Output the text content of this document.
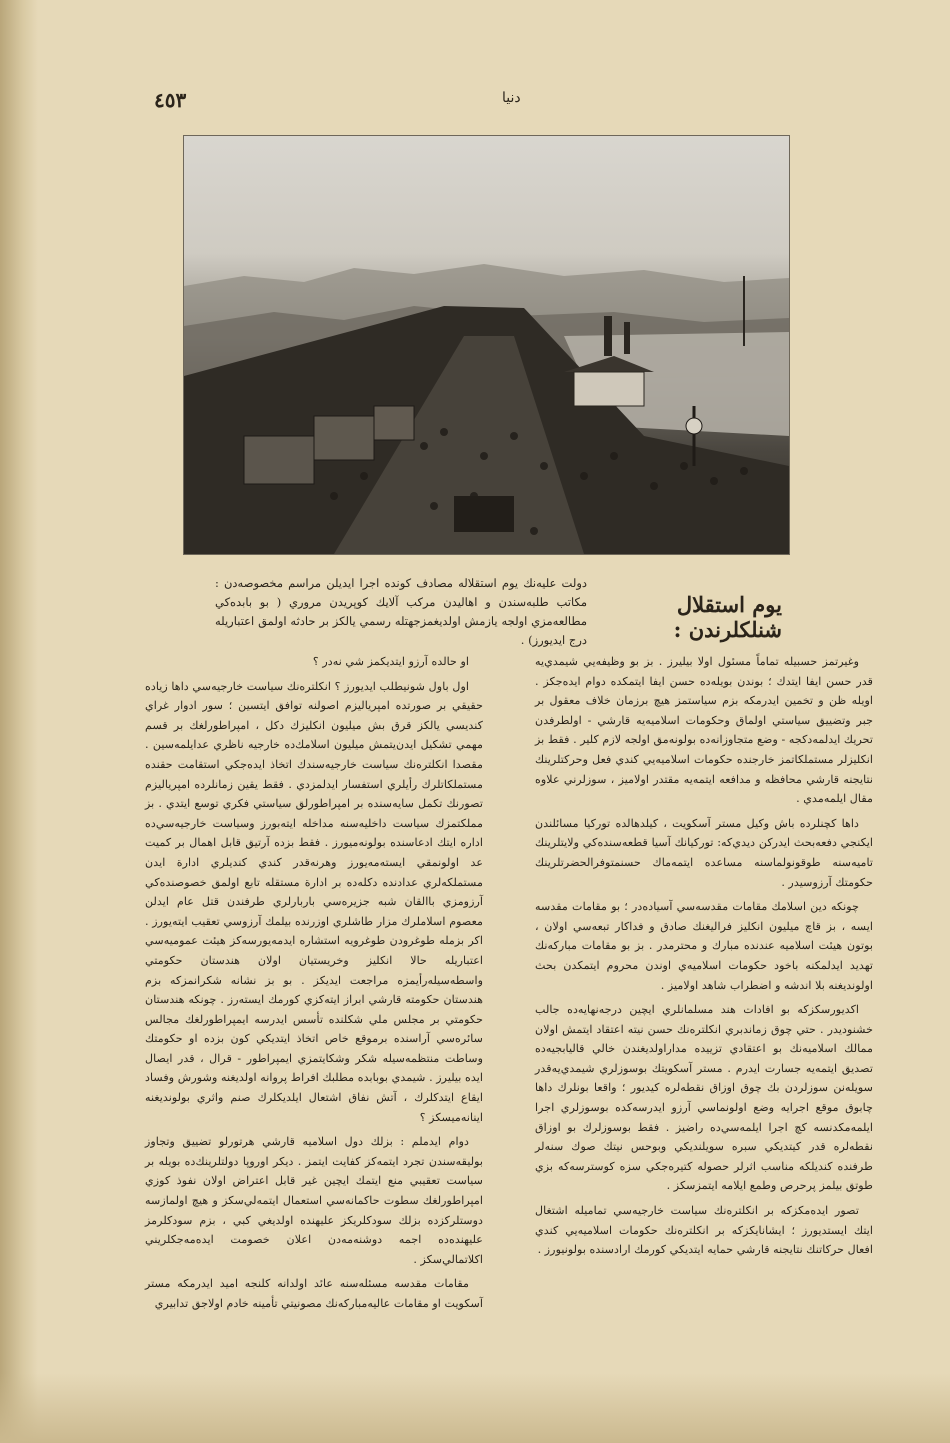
٤٥٣	دنيا
يوم استقلال شنلكلرندن :
دولت عليه‌نك يوم استقلاله مصادف كونده اجرا ايديلن مراسم مخصوصه‌دن : مكاتب طلبه‌سندن و اهاليدن مركب آلايك كوپريدن مروري ( بو بابده‌كي مطالعه‌مزي اولجه يازمش اولديغمزجهتله رسمي يالكز بر حادثه اولمق اعتباريله درج ايديورز) .

وغيرتمز حسبيله تماماً مسئول اولا بيليرز . بز بو وظيفه‌يي شيمدي‌يه قدر حسن ايفا ايتدك ؛ بوندن بويله‌ده حسن ايفا ايتمكده دوام ايده‌جكز . اويله ظن و تخمين ايدرمكه بزم سياستمز هيچ برزمان خلاف معقول بر جبر وتضييق سياستي اولماق وحكومات اسلاميه‌يه قارشي - اولطرفدن تحريك ايدلمه‌دكجه - وضع متجاوزانه‌ده بولونه‌مق اولجه لازم كلير . فقط بز انكليزلر مستملكاتمز خارجنده حكومات اسلاميه‌يي كندي فعل وحركتلرينك نتايجنه قارشي محافظه و مدافعه ايتمه‌يه مقتدر اولاميز ، سوزلرني علاوه مقال ايلمه‌مدي .

داها كچنلرده باش وكيل مستر آسكويت ، كيلدهالده توركيا مسائلندن ايكنجي دفعه‌بحث ايدركن ديدي‌كه: توركيانك آسيا قطعه‌سنده‌كي ولايتلرينك تاميه‌سنه طوقونولماسنه مساعده ايتمه‌ماك حسنمتوفرالحضرتلرينك حكومتك آرزوسيدر .

چونكه دين اسلامك مقامات مقدسه‌سي آسياده‌در ؛ بو مقامات مقدسه ايسه ، بز قاچ ميليون انكليز فراليغنك صادق و فداكار تبعه‌سي اولان ، بوتون هيئت اسلاميه عندنده مبارك و محترمدر . بز بو مقامات مباركه‌نك تهديد ايدلمكنه باخود حكومات اسلاميه‌ي اوندن محروم ايتمكدن بحث اولونديغنه بلا اندشه و اضطراب شاهد اولاميز .

اكديورسكزكه بو افادات هند مسلمانلري ايچين درجه‌نهايه‌ده جالب خشنوديدر . حتي چوق زماندبري انكلتره‌نك حسن نيته اعتقاد ايتمش اولان ممالك اسلاميه‌نك بو اعتقادي تزييده مداراولديغندن خالي قاليابجيه‌ده تصديق ايتمه‌يه جسارت ايدرم . مستر آسكويتك بوسوزلري شيمدي‌يه‌قدر سويله‌نن سوزلردن بك چوق اوزاق نقطه‌لره كيديور ؛ واقعا بونلرك داها چابوق موقع اجرايه وضع اولونماسي آرزو ايدرسه‌كده بوسوزلري اجرا ايلمه‌مكدنسه كچ اجرا ايلمه‌سي‌ده راضيز . فقط بوسوزلرك بو اوزاق نقطه‌لره قدر كيتديكي سبره سويلنديكي وبوحس نيتك صوك سنه‌لر طرفنده كنديلكه مناسب اثرلر حصوله كتيره‌جكي سزه كوسترسه‌كه بزي طوتق بيلمز پرحرص وطمع ايلامه ايتمزسكز .

تصور ايده‌مكزكه بر انكلتره‌نك سياست خارجيه‌سي تماميله اشتغال ايتك ايستديورز ؛ ايشانايكزكه بر انكلتره‌نك حكومات اسلاميه‌يي كندي افعال حركاتنك نتايجنه قارشي حمايه ايتديكي كورمك ارادسنده بولونيورز .

او حالده آرزو ايتديكمز شي نه‌در ؟

اول باول شونيطلب ايديورز ؟ انكلتره‌نك سياست خارجيه‌سي داها زياده حقيقي بر صورتده امپرياليزم اصولنه توافق ايتسين ؛ سور ادوار غراي كنديسي يالكز قرق بش ميليون انكليزك دكل ، امپراطورلغك بر قسم مهمي تشكيل ايدن‌يتمش ميليون اسلامك‌ده خارجيه ناظري عدايلمه‌سين . مقصدا انكلتره‌نك سياست خارجيه‌سندك اتخاذ ايده‌جكي استقامت حقنده مستملكاتلرك رأيلري استفسار ايدلمزدي . فقط يقين زمانلرده امپرياليزم تصورنك تكمل سايه‌سنده بر امپراطورلق سياستي فكري توسع ايتدي . بز مملكتمزك سياست داخليه‌سنه مداخله ايته‌بورز وسياست خارجيه‌سي‌ده اداره ايتك ادعاسنده بولونه‌ميورز . فقط بزده آرتيق قابل اهمال بر كميت عد اولونمقي ايسته‌مه‌يورز وهرنه‌قدر كندي كنديلري ادارة ايدن مستملكه‌لري عدادنده دكله‌ده بر ادارة مستقله تابع اولمق خصوصنده‌كي آرزومزي باالقان شبه جزيره‌سي باربارلري طرفندن قتل عام ايدلن معصوم اسلاملرك مزار طاشلري اوزرنده بيلمك آرزوسي تعقيب ايته‌يورز . اكر بزمله طوغرودن طوغرويه استشاره ايدمه‌يورسه‌كز هيئت عموميه‌سي اعتباريله حالا انكليز وخريستيان اولان هندستان حكومتي واسطه‌سيله‌رأيمزه مراجعت ايديكز . بو بز نشانه شكرانمزكه بزم هندستان حكومته قارشي ابراز ايته‌كزي كورمك ايسته‌رز . چونكه هندستان حكومتي بر مجلس ملي شكلنده تأسس ايدرسه ايمپراطورلغك مجالس سائره‌سي آراسنده برموقع خاص اتخاذ ايتديكي كون بزده او حكومتك وساطت منتظمه‌سيله شكر وشكايتمزي ايمپراطور - قرال ، قدر ايصال ايده بيليرز . شيمدي بوبابده مطلبك افراط پروانه اولديغنه وشورش وفساد ايقاع ايتدكلرك ، آتش نفاق اشتعال ايلديكلرك صنم واثري بولونديغنه اينانه‌ميسكز ؟

دوام ايدملم : بزلك دول اسلاميه قارشي هرتورلو تضييق وتجاوز بوليقه‌سندن تجرد ايتمه‌كز كفايت ايتمز . ديكر اوروپا دولتلرينك‌ده بويله بر سياست تعقيبي منع ايتمك ايچين غير قابل اعتراض اولان نفوذ كوزي امپراطورلغك سطوت حاكمانه‌سي استعمال ايتمه‌لي‌سكز و هيچ اولمازسه دوستلركزده بزلك سودكلريكز عليهنده اولديغي كبي ، بزم سودكلرمز عليهنده‌ده اجمه دوشنه‌مه‌دن اعلان خصومت ايده‌مه‌جكلريني‌ اكلاتمالي‌سكز .

مقامات مقدسه مسئله‌سنه عائد اولدانه كلنجه اميد ايدرمكه مستر آسكويت او مقامات عاليه‌مباركه‌نك مصونيتي تأمينه خادم اولاجق تدابيري
